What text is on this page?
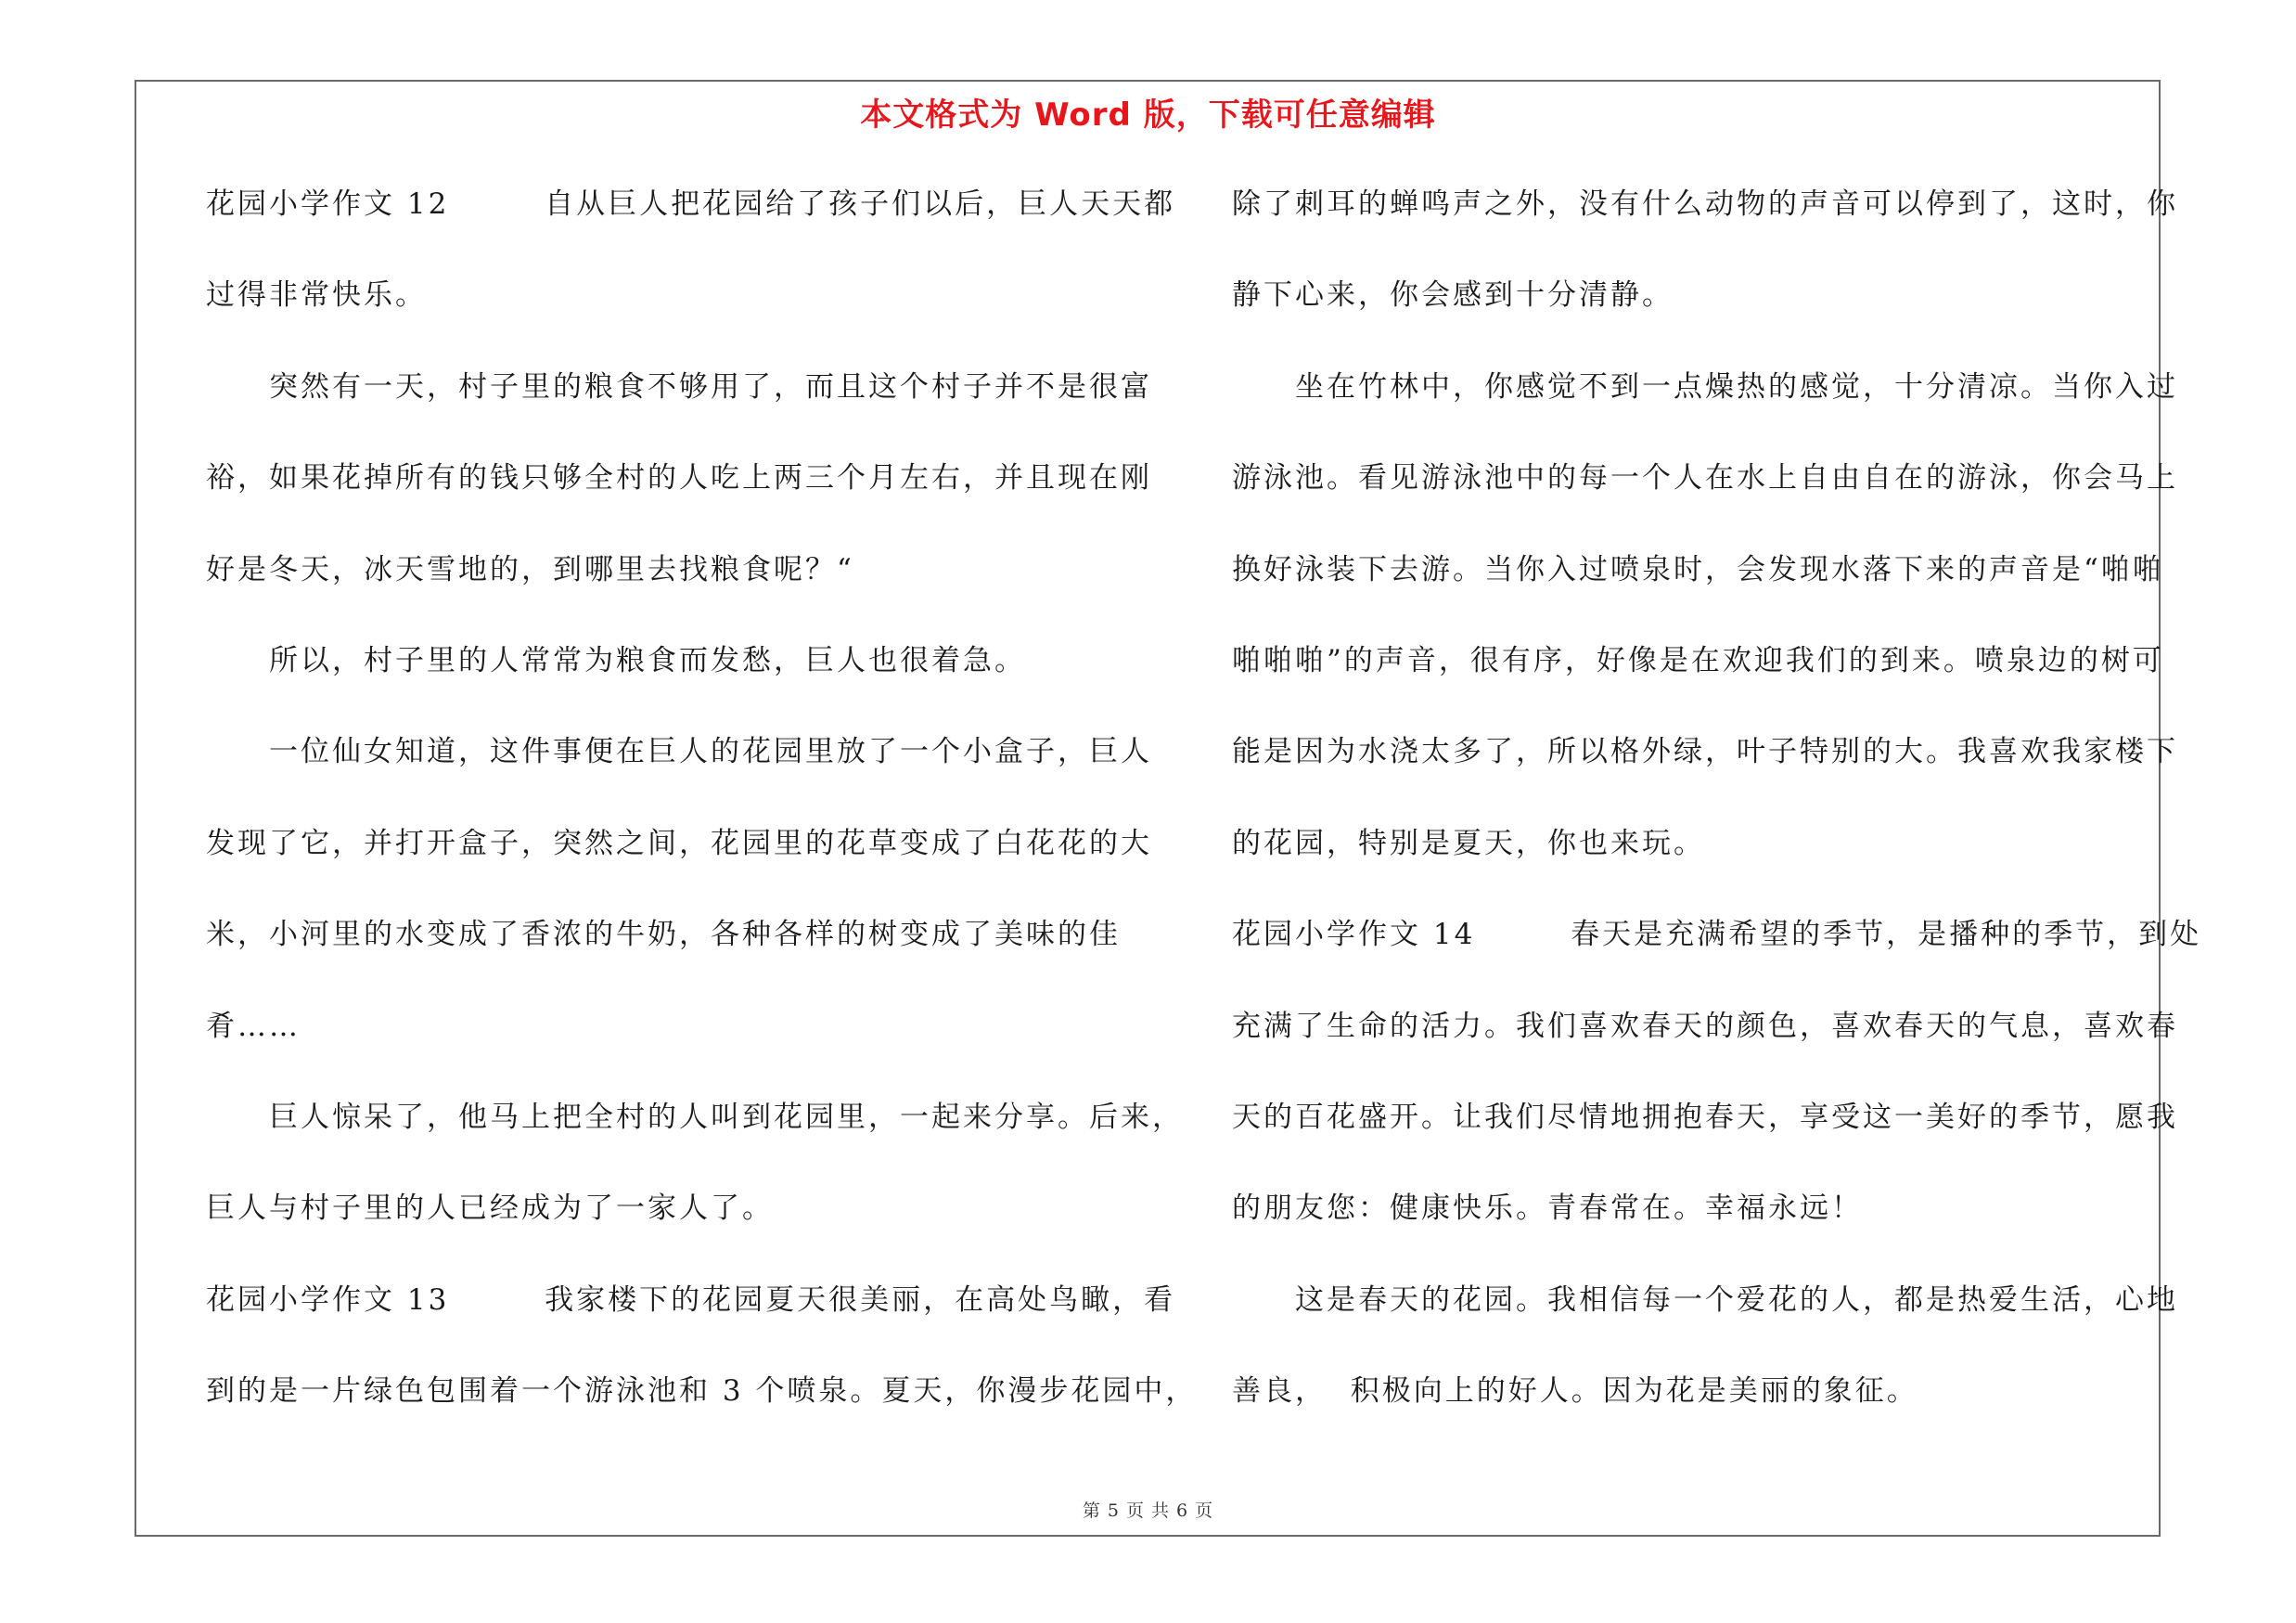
本文格式为 Word 版，下载可任意编辑
花园小学作文 12        自从巨人把花园给了孩子们以后，巨人天天都
过得非常快乐。
突然有一天，村子里的粮食不够用了，而且这个村子并不是很富
裕，如果花掉所有的钱只够全村的人吃上两三个月左右，并且现在刚
好是冬天，冰天雪地的，到哪里去找粮食呢？“
所以，村子里的人常常为粮食而发愁，巨人也很着急。
一位仙女知道，这件事便在巨人的花园里放了一个小盒子，巨人
发现了它，并打开盒子，突然之间，花园里的花草变成了白花花的大
米，小河里的水变成了香浓的牛奶，各种各样的树变成了美味的佳
肴……
巨人惊呆了，他马上把全村的人叫到花园里，一起来分享。后来，
巨人与村子里的人已经成为了一家人了。
花园小学作文 13        我家楼下的花园夏天很美丽，在高处鸟瞰，看
到的是一片绿色包围着一个游泳池和 3 个喷泉。夏天，你漫步花园中，
除了刺耳的蝉鸣声之外，没有什么动物的声音可以停到了，这时，你
静下心来，你会感到十分清静。
坐在竹林中，你感觉不到一点燥热的感觉，十分清凉。当你入过
游泳池。看见游泳池中的每一个人在水上自由自在的游泳，你会马上
换好泳装下去游。当你入过喷泉时，会发现水落下来的声音是“啪啪
啪啪啪”的声音，很有序，好像是在欢迎我们的到来。喷泉边的树可
能是因为水浇太多了，所以格外绿，叶子特别的大。我喜欢我家楼下
的花园，特别是夏天，你也来玩。
花园小学作文 14        春天是充满希望的季节，是播种的季节，到处
充满了生命的活力。我们喜欢春天的颜色，喜欢春天的气息，喜欢春
天的百花盛开。让我们尽情地拥抱春天，享受这一美好的季节，愿我
的朋友您：健康快乐。青春常在。幸福永远！
这是春天的花园。我相信每一个爱花的人，都是热爱生活，心地
善良，  积极向上的好人。因为花是美丽的象征。
第 5 页 共 6 页
